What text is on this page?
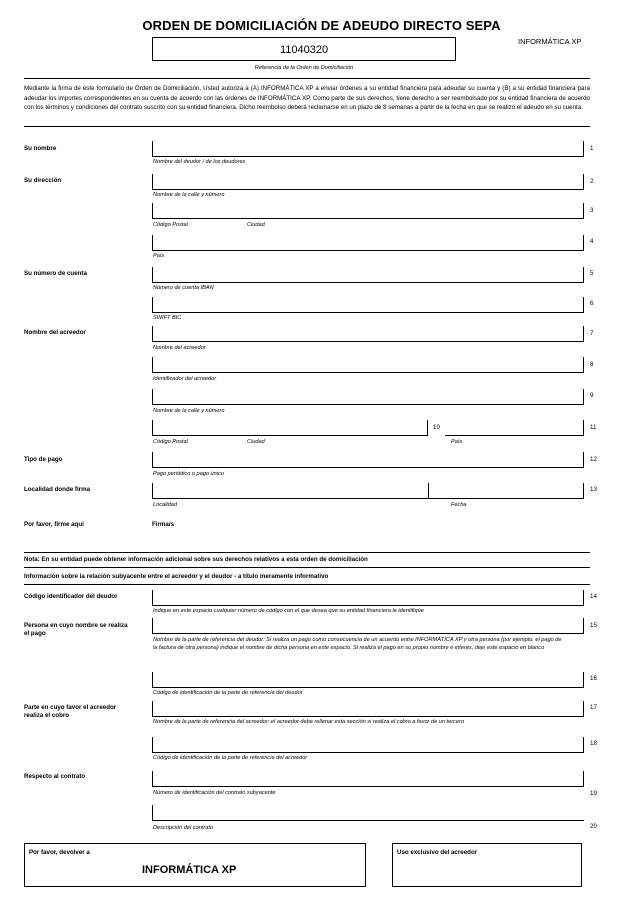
ORDEN DE DOMICILIACIÓN DE ADEUDO DIRECTO SEPA
INFORMÁTICA XP
11040320
Referencia de la Orden de Domiciliación
Mediante la firma de este formulario de Orden de Domiciliación, Usted autoriza a (A) INFORMÁTICA XP a enviar órdenes a su entidad financiera para adeudar su cuenta y (B) a su entidad financiera para adeudar los importes correspondientes en su cuenta de acuerdo con las órdenes de INFORMÁTICA XP. Como parte de sus derechos, tiene derecho a ser reembolsado por su entidad financiera de acuerdo con los términos y condiciones del contrato suscrito con su entidad financiera. Dicho reembolso deberá reclamarse en un plazo de 8 semanas a partir de la fecha en que se realizó el adeudo en su cuenta.
Su nombre
Nombre del deudor / de los deudores
1
Su dirección
Nombre de la calle y número
2
Código Postal	Ciudad
3
País
4
Su número de cuenta
Número de cuenta IBAN
5
SWIFT BIC
6
Nombre del acreedor
Nombre del acreedor
7
Identificador del acreedor
8
Nombre de la calle y número
9
Código Postal	Ciudad
10
País
11
Tipo de pago
Pago periódico o pago único
12
Localidad donde firma
Localidad	Fecha
13
Por favor, firme aquí	Firma/s
Nota: En su entidad puede obtener información adicional sobre sus derechos relativos a esta orden de domiciliación
Información sobre la relación subyacente entre el acreedor y el deudor - a título meramente informativo
Código identificador del deudor
Indique en este espacio cualquier número de código con el que desea que su entidad financiera le identifique
14
Persona en cuyo nombre se realiza el pago
Nombre de la parte de referencia del deudor: Si realiza un pago como consecuencia de un acuerdo entre INFORMÁTICA XP y otra persona (por ejemplo, el pago de la factura de otra persona) indique el nombre de dicha persona en este espacio. Si realiza el pago en su propio nombre e interés, deje este espacio en blanco
15
Código de identificación de la parte de referencia del deudor
16
Parte en cuyo favor el acreedor realiza el cobro
Nombre de la parte de referencia del acreedor: el acreedor debe rellenar esta sección si realiza el cobro a favor de un tercero
17
Código de identificación de la parte de referencia del acreedor
18
Respecto al contrato
Número de identificación del contrato subyacente	19
Descripción del contrato	20
Por favor, devolver a
INFORMÁTICA XP
Uso exclusivo del acreedor
